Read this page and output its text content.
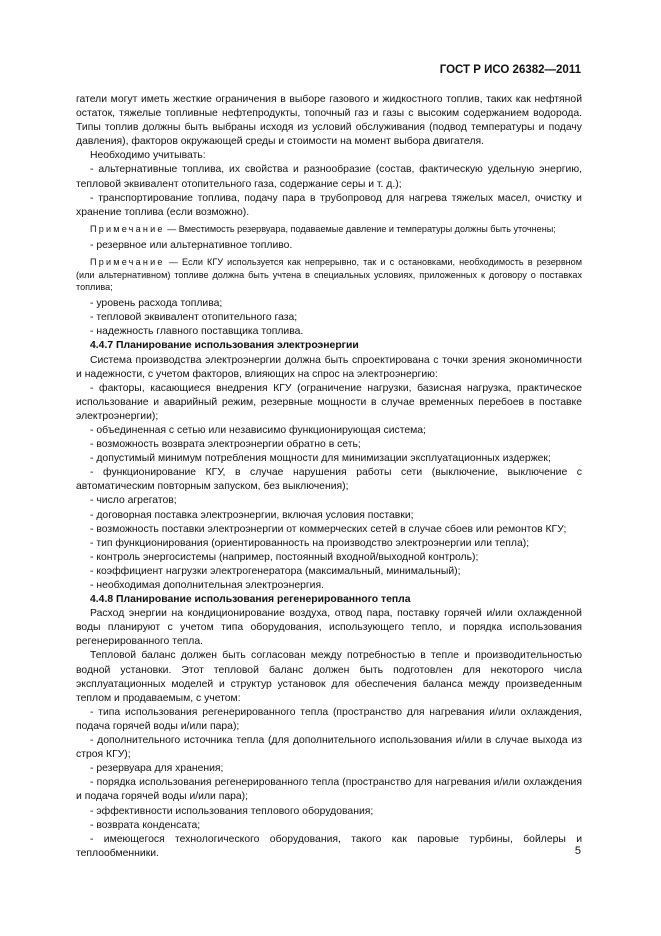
ГОСТ Р ИСО 26382—2011

гатели могут иметь жесткие ограничения в выборе газового и жидкостного топлив, таких как нефтяной остаток, тяжелые топливные нефтепродукты, топочный газ и газы с высоким содержанием водорода. Типы топлив должны быть выбраны исходя из условий обслуживания (подвод температуры и подачу давления), факторов окружающей среды и стоимости на момент выбора двигателя.

Необходимо учитывать:

- альтернативные топлива, их свойства и разнообразие (состав, фактическую удельную энергию, тепловой эквивалент отопительного газа, содержание серы и т. д.);

- транспортирование топлива, подачу пара в трубопровод для нагрева тяжелых масел, очистку и хранение топлива (если возможно).

Примечание — Вместимость резервуара, подаваемые давление и температуры должны быть уточнены;

- резервное или альтернативное топливо.

Примечание — Если КГУ используется как непрерывно, так и с остановками, необходимость в резервном (или альтернативном) топливе должна быть учтена в специальных условиях, приложенных к договору о поставках топлива;

- уровень расхода топлива;

- тепловой эквивалент отопительного газа;

- надежность главного поставщика топлива.

4.4.7 Планирование использования электроэнергии

Система производства электроэнергии должна быть спроектирована с точки зрения экономичности и надежности, с учетом факторов, влияющих на спрос на электроэнергию:

- факторы, касающиеся внедрения КГУ (ограничение нагрузки, базисная нагрузка, практическое использование и аварийный режим, резервные мощности в случае временных перебоев в поставке электроэнергии);

- объединенная с сетью или независимо функционирующая система;

- возможность возврата электроэнергии обратно в сеть;

- допустимый минимум потребления мощности для минимизации эксплуатационных издержек;

- функционирование КГУ, в случае нарушения работы сети (выключение, выключение с автоматическим повторным запуском, без выключения);

- число агрегатов;

- договорная поставка электроэнергии, включая условия поставки;

- возможность поставки электроэнергии от коммерческих сетей в случае сбоев или ремонтов КГУ;

- тип функционирования (ориентированность на производство электроэнергии или тепла);

- контроль энергосистемы (например, постоянный входной/выходной контроль);

- коэффициент нагрузки электрогенератора (максимальный, минимальный);

- необходимая дополнительная электроэнергия.

4.4.8 Планирование использования регенерированного тепла

Расход энергии на кондиционирование воздуха, отвод пара, поставку горячей и/или охлажденной воды планируют с учетом типа оборудования, использующего тепло, и порядка использования регенерированного тепла.

Тепловой баланс должен быть согласован между потребностью в тепле и производительностью водной установки. Этот тепловой баланс должен быть подготовлен для некоторого числа эксплуатационных моделей и структур установок для обеспечения баланса между произведенным теплом и продаваемым, с учетом:

- типа использования регенерированного тепла (пространство для нагревания и/или охлаждения, подача горячей воды и/или пара);

- дополнительного источника тепла (для дополнительного использования и/или в случае выхода из строя КГУ);

- резервуара для хранения;

- порядка использования регенерированного тепла (пространство для нагревания и/или охлаждения и подача горячей воды и/или пара);

- эффективности использования теплового оборудования;

- возврата конденсата;

- имеющегося технологического оборудования, такого как паровые турбины, бойлеры и теплообменники.	5
